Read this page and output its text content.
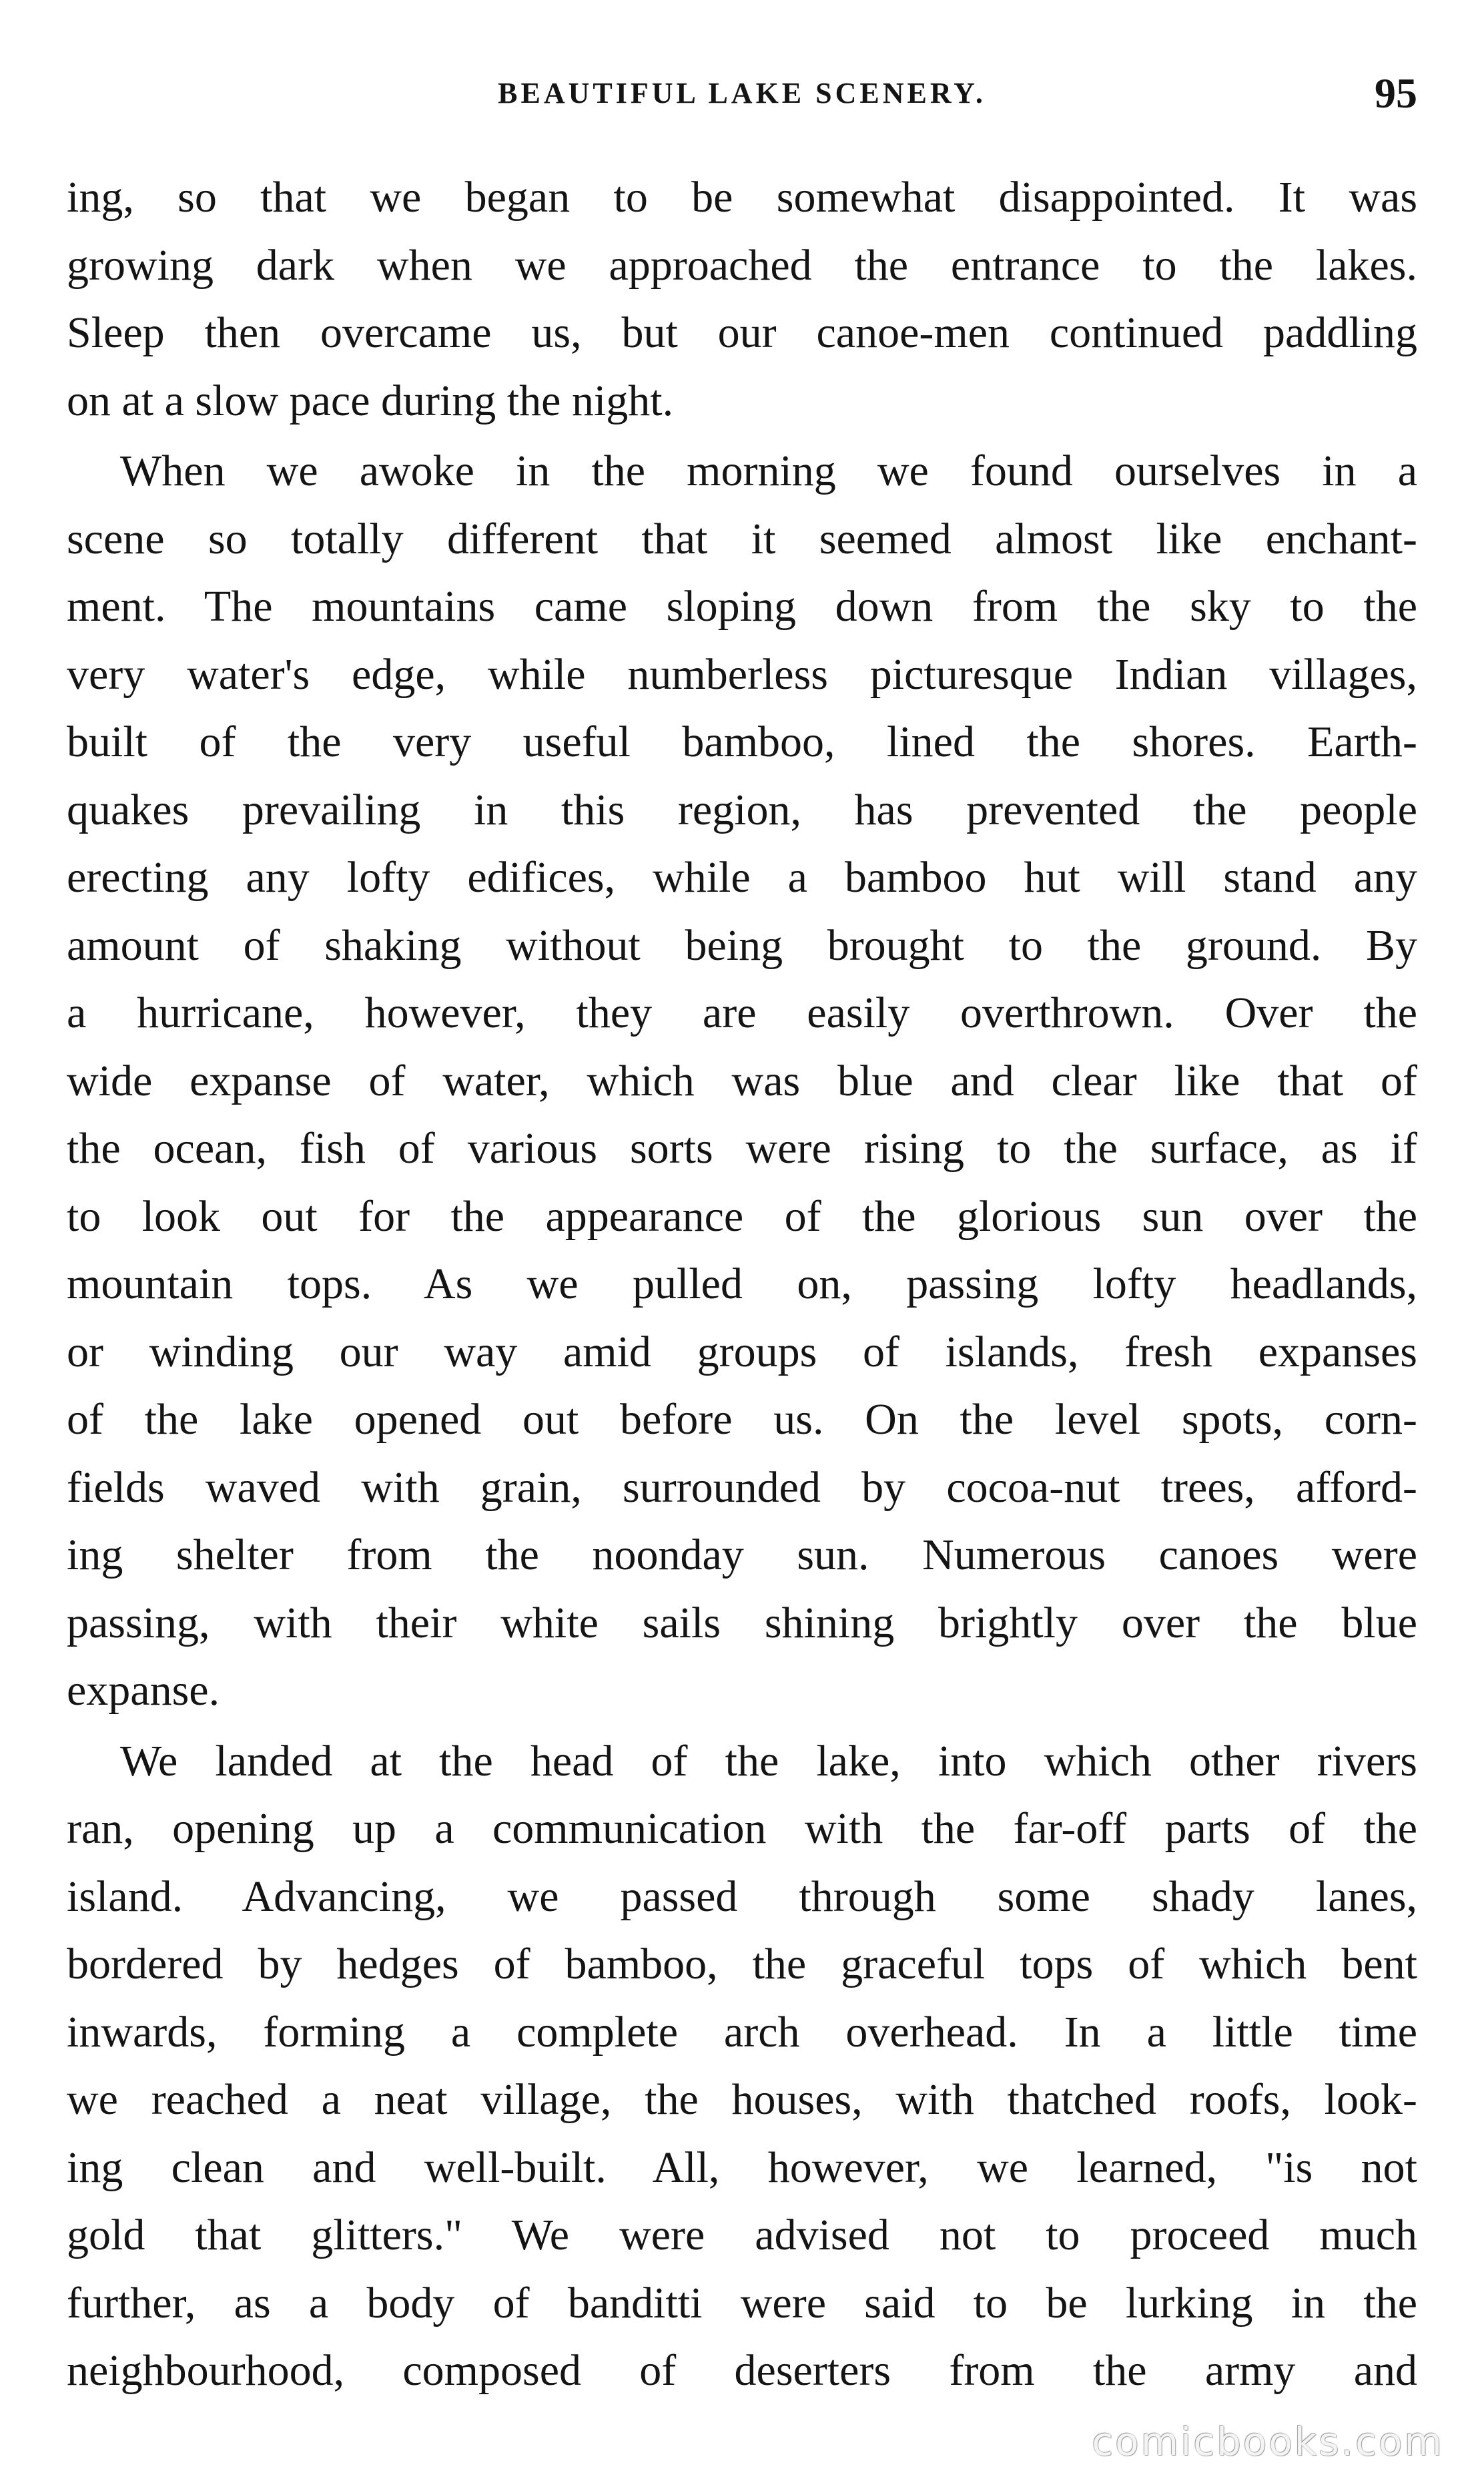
BEAUTIFUL LAKE SCENERY.	95
ing, so that we began to be somewhat disappointed. It was
growing dark when we approached the entrance to the lakes.
Sleep then overcame us, but our canoe-men continued paddling
on at a slow pace during the night.
When we awoke in the morning we found ourselves in a
scene so totally different that it seemed almost like enchant-
ment. The mountains came sloping down from the sky to the
very water's edge, while numberless picturesque Indian villages,
built of the very useful bamboo, lined the shores. Earth-
quakes prevailing in this region, has prevented the people
erecting any lofty edifices, while a bamboo hut will stand any
amount of shaking without being brought to the ground. By
a hurricane, however, they are easily overthrown. Over the
wide expanse of water, which was blue and clear like that of
the ocean, fish of various sorts were rising to the surface, as if
to look out for the appearance of the glorious sun over the
mountain tops. As we pulled on, passing lofty headlands,
or winding our way amid groups of islands, fresh expanses
of the lake opened out before us. On the level spots, corn-
fields waved with grain, surrounded by cocoa-nut trees, afford-
ing shelter from the noonday sun. Numerous canoes were
passing, with their white sails shining brightly over the blue
expanse.
We landed at the head of the lake, into which other rivers
ran, opening up a communication with the far-off parts of the
island. Advancing, we passed through some shady lanes,
bordered by hedges of bamboo, the graceful tops of which bent
inwards, forming a complete arch overhead. In a little time
we reached a neat village, the houses, with thatched roofs, look-
ing clean and well-built. All, however, we learned, "is not
gold that glitters." We were advised not to proceed much
further, as a body of banditti were said to be lurking in the
neighbourhood, composed of deserters from the army and
comicbooks.com
